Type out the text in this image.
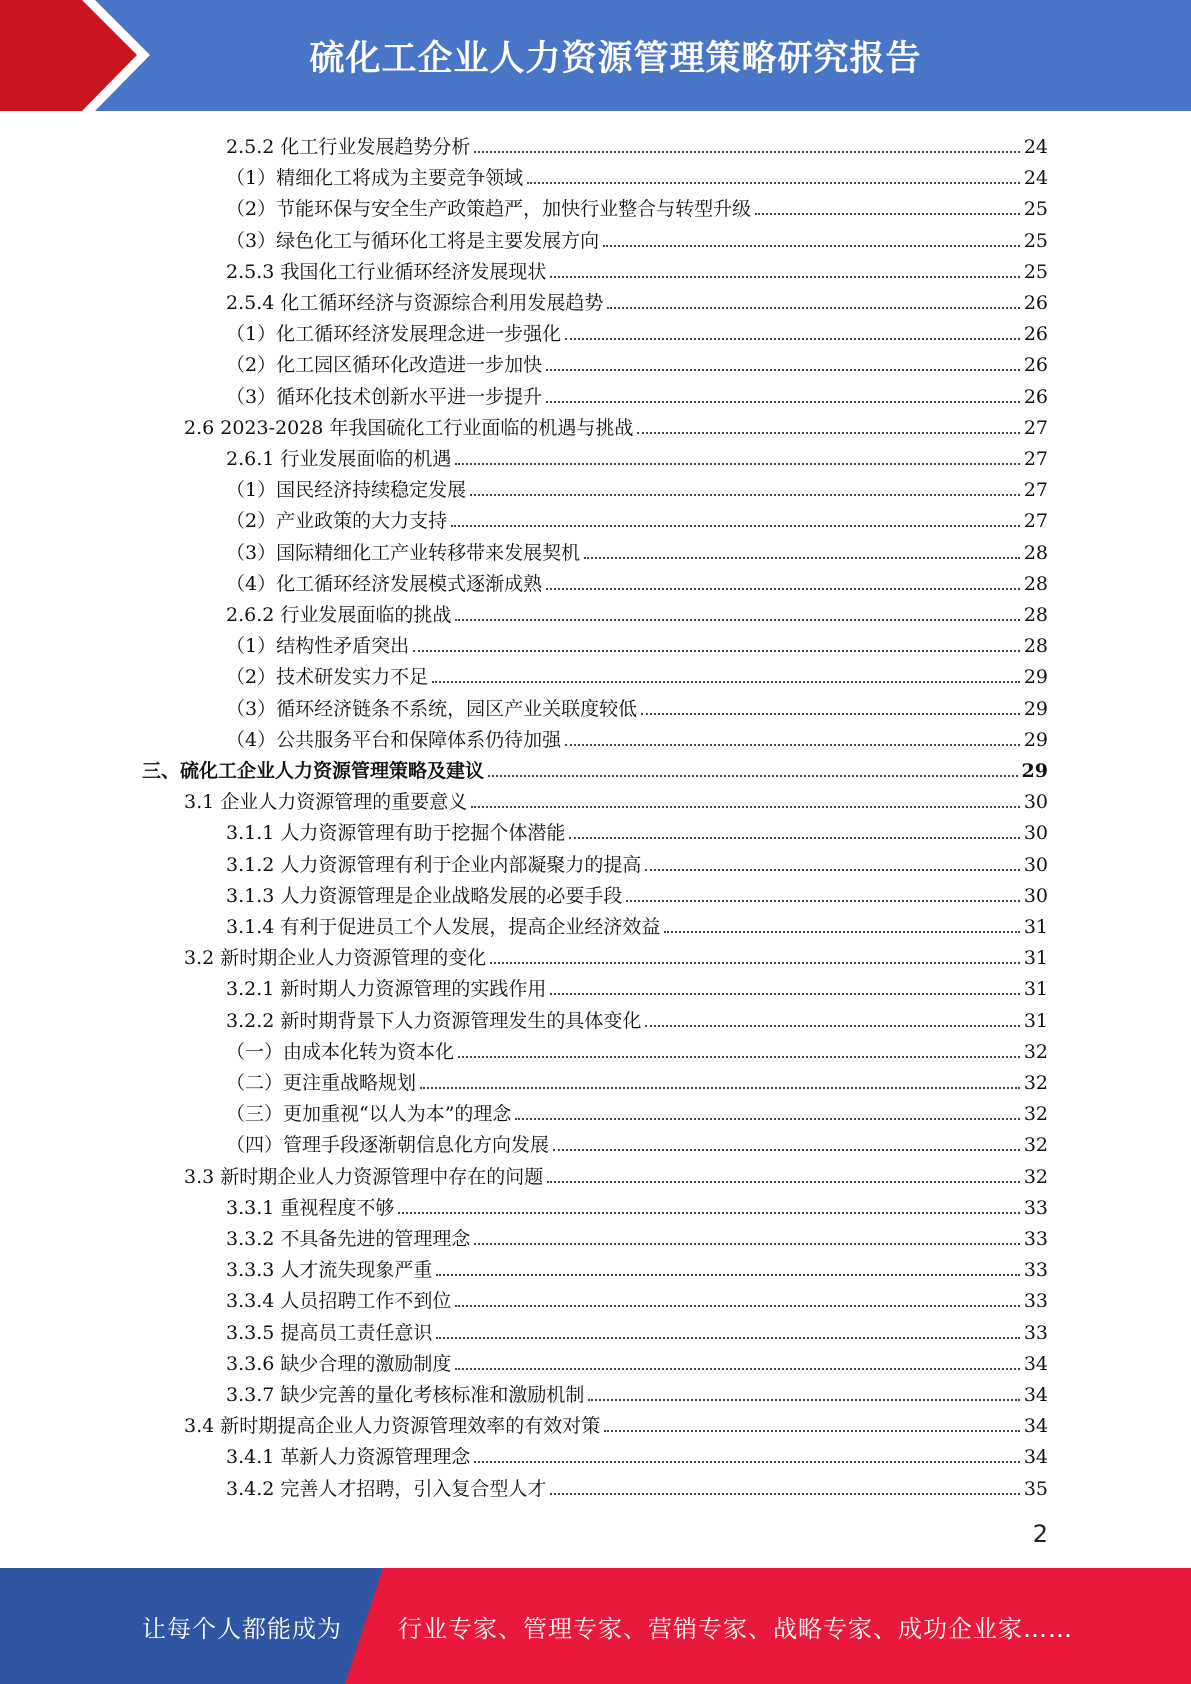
硫化工企业人力资源管理策略研究报告
2.5.2 化工行业发展趋势分析	24
（1）精细化工将成为主要竞争领域	24
（2）节能环保与安全生产政策趋严，加快行业整合与转型升级	25
（3）绿色化工与循环化工将是主要发展方向	25
2.5.3 我国化工行业循环经济发展现状	25
2.5.4 化工循环经济与资源综合利用发展趋势	26
（1）化工循环经济发展理念进一步强化	26
（2）化工园区循环化改造进一步加快	26
（3）循环化技术创新水平进一步提升	26
2.6 2023-2028 年我国硫化工行业面临的机遇与挑战	27
2.6.1 行业发展面临的机遇	27
（1）国民经济持续稳定发展	27
（2）产业政策的大力支持	27
（3）国际精细化工产业转移带来发展契机	28
（4）化工循环经济发展模式逐渐成熟	28
2.6.2 行业发展面临的挑战	28
（1）结构性矛盾突出	28
（2）技术研发实力不足	29
（3）循环经济链条不系统，园区产业关联度较低	29
（4）公共服务平台和保障体系仍待加强	29
三、硫化工企业人力资源管理策略及建议	29
3.1 企业人力资源管理的重要意义	30
3.1.1 人力资源管理有助于挖掘个体潜能	30
3.1.2 人力资源管理有利于企业内部凝聚力的提高	30
3.1.3 人力资源管理是企业战略发展的必要手段	30
3.1.4 有利于促进员工个人发展，提高企业经济效益	31
3.2 新时期企业人力资源管理的变化	31
3.2.1 新时期人力资源管理的实践作用	31
3.2.2 新时期背景下人力资源管理发生的具体变化	31
（一）由成本化转为资本化	32
（二）更注重战略规划	32
（三）更加重视“以人为本”的理念	32
（四）管理手段逐渐朝信息化方向发展	32
3.3 新时期企业人力资源管理中存在的问题	32
3.3.1 重视程度不够	33
3.3.2 不具备先进的管理理念	33
3.3.3 人才流失现象严重	33
3.3.4 人员招聘工作不到位	33
3.3.5 提高员工责任意识	33
3.3.6 缺少合理的激励制度	34
3.3.7 缺少完善的量化考核标准和激励机制	34
3.4 新时期提高企业人力资源管理效率的有效对策	34
3.4.1 革新人力资源管理理念	34
3.4.2 完善人才招聘，引入复合型人才	35
2
让每个人都能成为 行业专家、管理专家、营销专家、战略专家、成功企业家……
